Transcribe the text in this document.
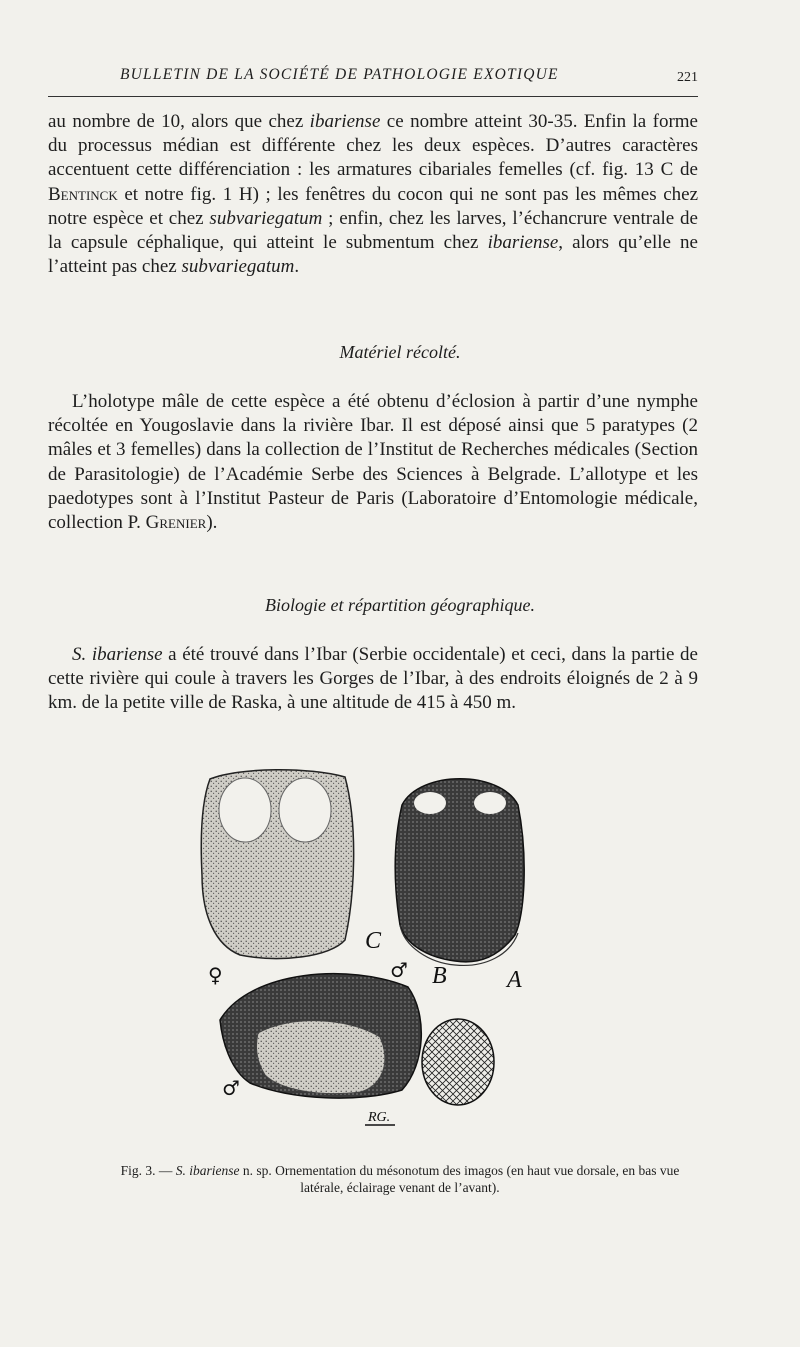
BULLETIN DE LA SOCIÉTÉ DE PATHOLOGIE EXOTIQUE	221

au nombre de 10, alors que chez ibariense ce nombre atteint 30-35. Enfin la forme du processus médian est différente chez les deux espèces. D’autres caractères accentuent cette différenciation : les armatures cibariales femelles (cf. fig. 13 C de Bentinck et notre fig. 1 H) ; les fenêtres du cocon qui ne sont pas les mêmes chez notre espèce et chez subvariegatum ; enfin, chez les larves, l’échancrure ventrale de la capsule céphalique, qui atteint le submentum chez ibariense, alors qu’elle ne l’atteint pas chez subvariegatum.

Matériel récolté.

L’holotype mâle de cette espèce a été obtenu d’éclosion à partir d’une nymphe récoltée en Yougoslavie dans la rivière Ibar. Il est déposé ainsi que 5 paratypes (2 mâles et 3 femelles) dans la collection de l’Institut de Recherches médicales (Section de Parasitologie) de l’Académie Serbe des Sciences à Belgrade. L’allotype et les paedotypes sont à l’Institut Pasteur de Paris (Laboratoire d’Entomologie médicale, collection P. Grenier).

Biologie et répartition géographique.

S. ibariense a été trouvé dans l’Ibar (Serbie occidentale) et ceci, dans la partie de cette rivière qui coule à travers les Gorges de l’Ibar, à des endroits éloignés de 2 à 9 km. de la petite ville de Raska, à une altitude de 415 à 450 m.

C
A
B
♀	♂
♂
RG.
Fig. 3. — S. ibariense n. sp. Ornementation du mésonotum des imagos (en haut vue dorsale, en bas vue latérale, éclairage venant de l’avant).
